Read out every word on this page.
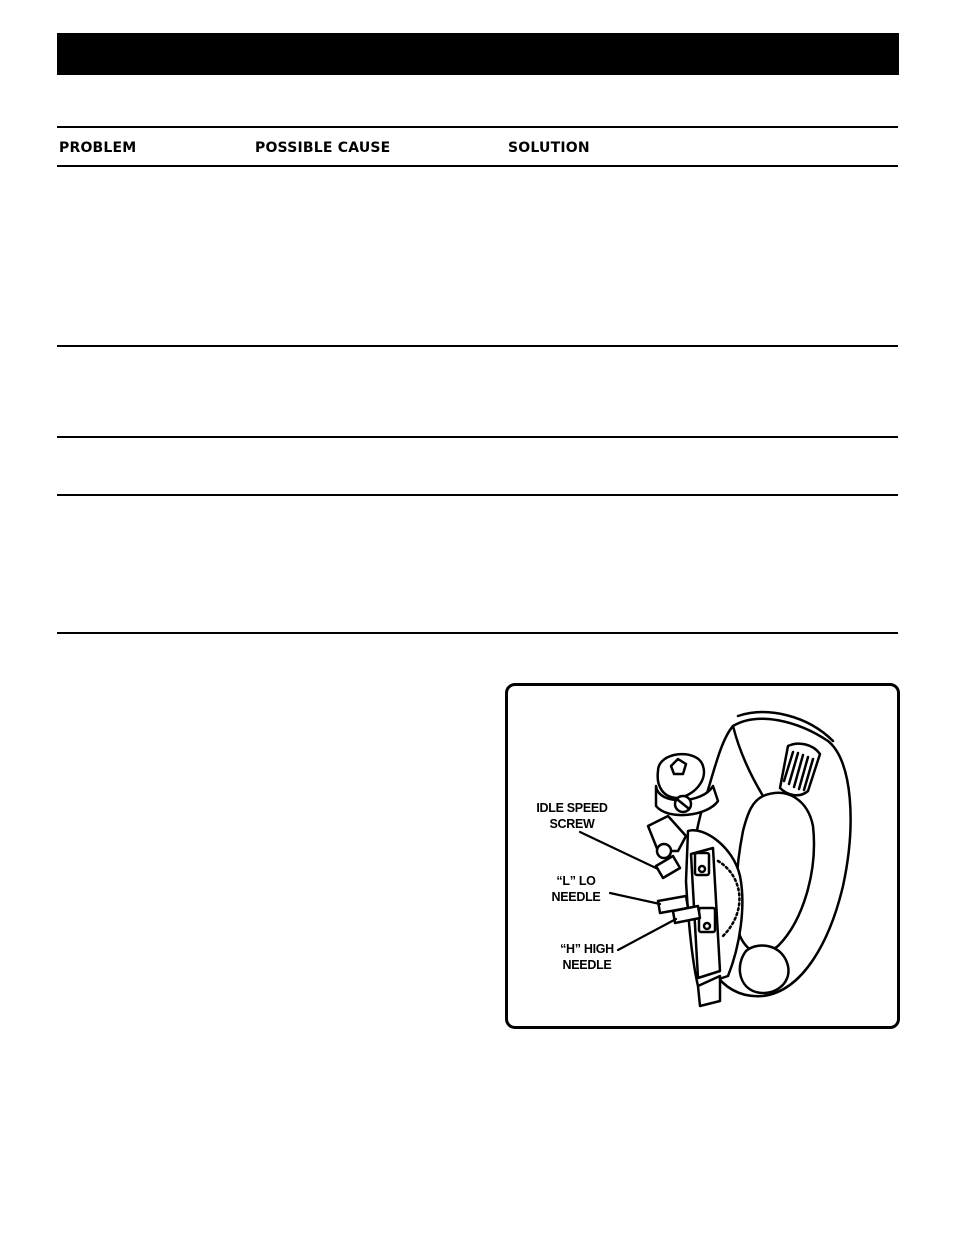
PROBLEM	POSSIBLE CAUSE	SOLUTION
IDLE SPEED
SCREW
“L” LO
NEEDLE
“H” HIGH
NEEDLE
